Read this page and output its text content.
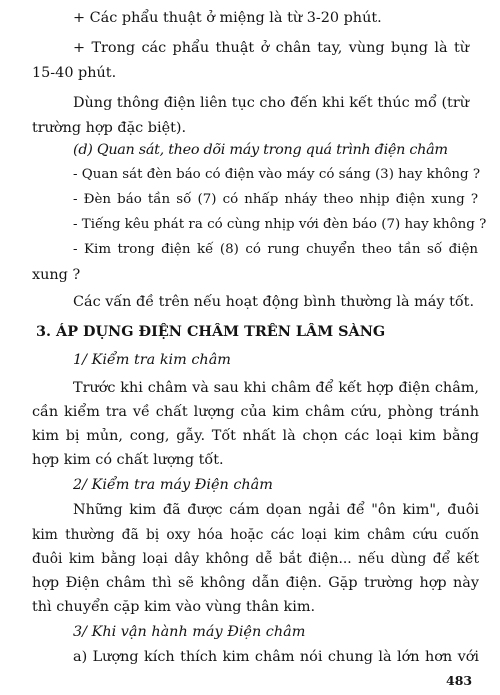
+ Các phẩu thuật ở miệng là từ 3-20 phút.
+ Trong các phẩu thuật ở chân tay, vùng bụng là từ
15-40 phút.
Dùng thông điện liên tục cho đến khi kết thúc mổ (trừ
trường hợp đặc biệt).
(d) Quan sát, theo dõi máy trong quá trình điện châm
- Quan sát đèn báo có điện vào máy có sáng (3) hay không ?
- Đèn báo tần số (7) có nhấp nháy theo nhịp điện xung ?
- Tiếng kêu phát ra có cùng nhịp với đèn báo (7) hay không ?
- Kim trong điện kế (8) có rung chuyển theo tần số điện
xung ?
Các vấn đề trên nếu hoạt động bình thường là máy tốt.
3. ÁP DỤNG ĐIỆN CHÂM TRÊN LÂM SÀNG
1/ Kiểm tra kim châm
Trước khi châm và sau khi châm để kết hợp điện châm,
cần kiểm tra về chất lượng của kim châm cứu, phòng tránh
kim bị mủn, cong, gẫy. Tốt nhất là chọn các loại kim bằng
hợp kim có chất lượng tốt.
2/ Kiểm tra máy Điện châm
Những kim đã được cám dọan ngải để "ôn kim", đuôi
kim thường đã bị oxy hóa hoặc các loại kim châm cứu cuốn
đuôi kim bằng loại dây không dễ bắt điện... nếu dùng để kết
hợp Điện châm thì sẽ không dẫn điện. Gặp trường hợp này
thì chuyển cặp kim vào vùng thân kim.
3/ Khi vận hành máy Điện châm
a) Lượng kích thích kim châm nói chung là lớn hơn với
483
